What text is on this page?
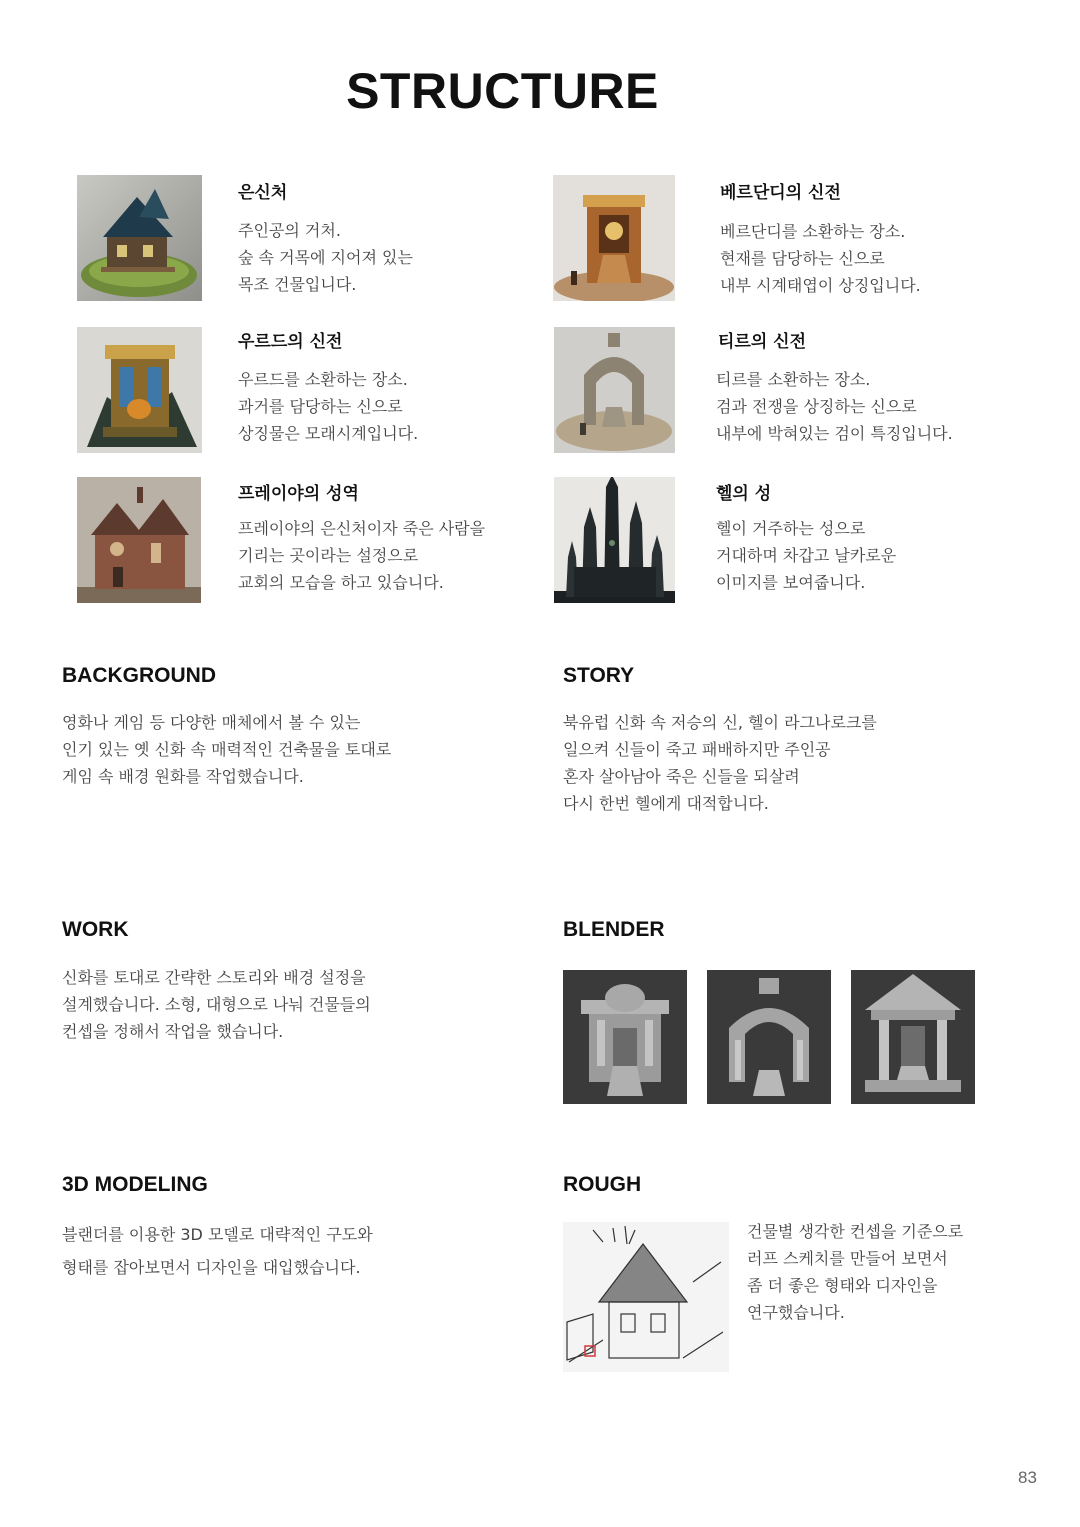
STRUCTURE
은신처
주인공의 거처.
숲 속 거목에 지어져 있는
목조 건물입니다.
베르단디의 신전
베르단디를 소환하는 장소.
현재를 담당하는 신으로
내부 시계태엽이 상징입니다.
우르드의 신전
우르드를 소환하는 장소.
과거를 담당하는 신으로
상징물은 모래시계입니다.
티르의 신전
티르를 소환하는 장소.
검과 전쟁을 상징하는 신으로
내부에 박혀있는 검이 특징입니다.
프레이야의 성역
프레이야의 은신처이자 죽은 사람을
기리는 곳이라는 설정으로
교회의 모습을 하고 있습니다.
헬의 성
헬이 거주하는 성으로
거대하며 차갑고 날카로운
이미지를 보여줍니다.
BACKGROUND
영화나 게임 등 다양한 매체에서 볼 수 있는
인기 있는 옛 신화 속 매력적인 건축물을 토대로
게임 속 배경 원화를 작업했습니다.
STORY
북유럽 신화 속 저승의 신, 헬이 라그나로크를
일으켜 신들이 죽고 패배하지만 주인공
혼자 살아남아 죽은 신들을 되살려
다시 한번 헬에게 대적합니다.
WORK
신화를 토대로 간략한 스토리와 배경 설정을
설계했습니다. 소형, 대형으로 나눠 건물들의
컨셉을 정해서 작업을 했습니다.
BLENDER
3D MODELING
블랜더를 이용한 3D 모델로 대략적인 구도와
형태를 잡아보면서 디자인을 대입했습니다.
ROUGH
건물별 생각한 컨셉을 기준으로
러프 스케치를 만들어 보면서
좀 더 좋은 형태와 디자인을
연구했습니다.
83
